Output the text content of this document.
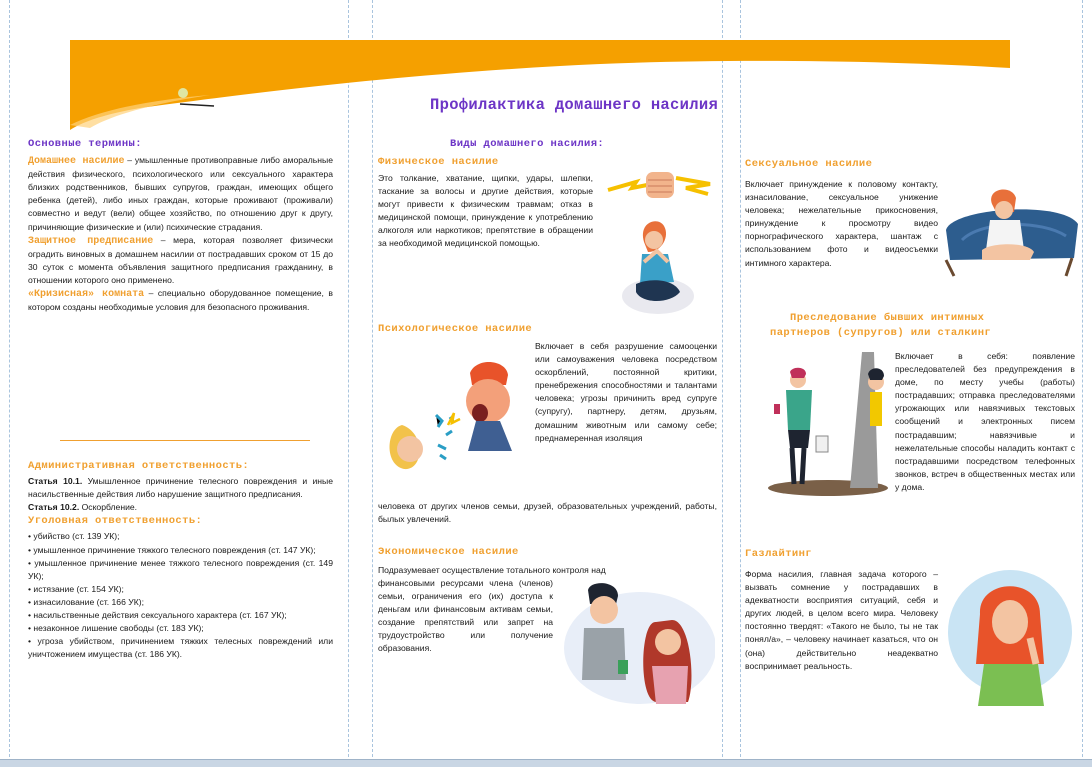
Профилактика домашнего насилия
Основные термины:

Домашнее насилие – умышленные противоправные либо аморальные действия физического, психологического или сексуального характера близких родственников, бывших супругов, граждан, имеющих общего ребенка (детей), либо иных граждан, которые проживают (проживали) совместно и ведут (вели) общее хозяйство, по отношению друг к другу, причиняющие физические и (или) психические страдания.

Защитное предписание – мера, которая позволяет физически оградить виновных в домашнем насилии от пострадавших сроком от 15 до 30 суток с момента объявления защитного предписания гражданину, в отношении которого оно применено.

«Кризисная» комната – специально оборудованное помещение, в котором созданы необходимые условия для безопасного проживания.

Административная ответственность:

Статья 10.1. Умышленное причинение телесного повреждения и иные насильственные действия либо нарушение защитного предписания.

Статья 10.2. Оскорбление.

Уголовная ответственность:

• убийство (ст. 139 УК);

• умышленное причинение тяжкого телесного повреждения (ст. 147 УК);

• умышленное причинение менее тяжкого телесного повреждения (ст. 149 УК);

• истязание (ст. 154 УК);

• изнасилование (ст. 166 УК);

• насильственные действия сексуального характера (ст. 167 УК);

• незаконное лишение свободы (ст. 183 УК);

• угроза убийством, причинением тяжких телесных повреждений или уничтожением имущества (ст. 186 УК).

Виды домашнего насилия:
Физическое насилие

Это толкание, хватание, щипки, удары, шлепки, таскание за волосы и другие действия, которые могут привести к физическим травмам; отказ в медицинской помощи, принуждение к употреблению алкоголя или наркотиков; препятствие в обращении за необходимой медицинской помощью.

Психологическое насилие

Включает в себя разрушение самооценки или самоуважения человека посредством оскорблений, постоянной критики, пренебрежения способностями и талантами человека; угрозы причинить вред супруге (супругу), партнеру, детям, друзьям, домашним животным или самому себе; преднамеренная изоляция

человека от других членов семьи, друзей, образовательных учреждений, работы, былых увлечений.

Экономическое насилие

Подразумевает осуществление тотального контроля над

финансовыми ресурсами члена (членов) семьи, ограничения его (их) доступа к деньгам или финансовым активам семьи, создание препятствий или запрет на трудоустройство или получение образования.

Сексуальное насилие

Включает принуждение к половому контакту, изнасилование, сексуальное унижение человека; нежелательные прикосновения, принуждение к просмотру видео порнографического характера, шантаж с использованием фото и видеосъемки интимного характера.

Преследование бывших интимных
партнеров (супругов) или сталкинг

Включает в себя: появление преследователей без предупреждения в доме, по месту учебы (работы) пострадавших; отправка преследователями угрожающих или навязчивых текстовых сообщений и электронных писем пострадавшим; навязчивые и нежелательные способы наладить контакт с пострадавшими посредством телефонных звонков, встреч в общественных местах или у дома.

Газлайтинг

Форма насилия, главная задача которого – вызвать сомнение у пострадавших в адекватности восприятия ситуаций, себя и других людей, в целом всего мира. Человеку постоянно твердят: «Такого не было, ты не так понял/а», – человеку начинает казаться, что он (она) действительно неадекватно воспринимает реальность.
